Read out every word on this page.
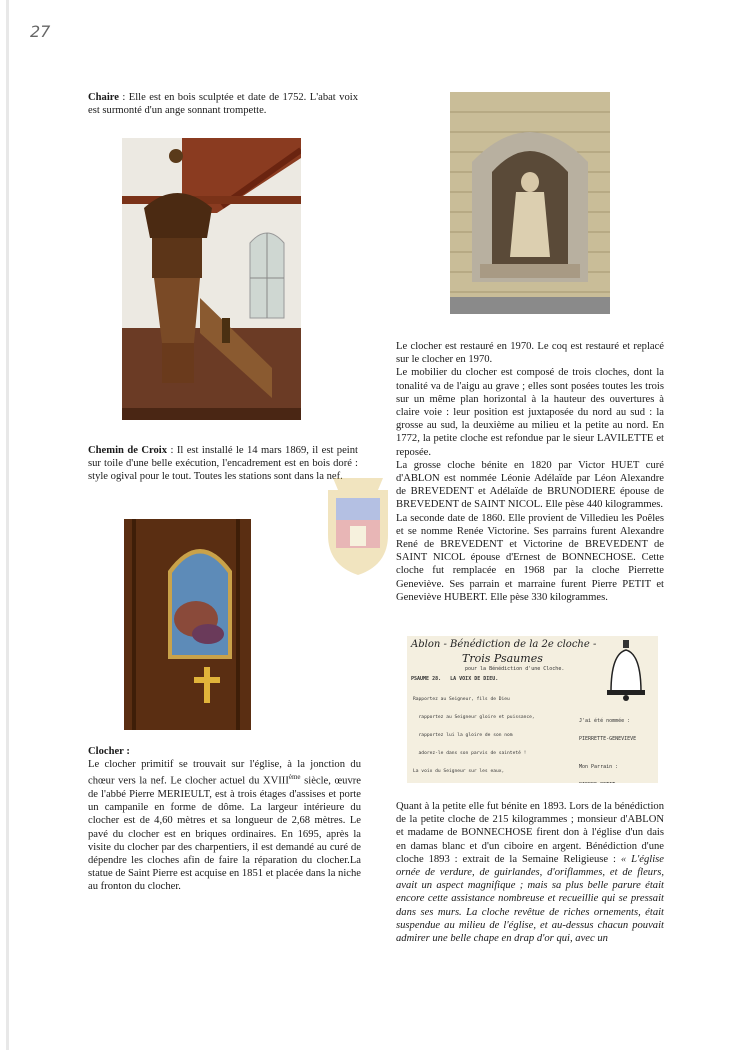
27
Chaire : Elle est en bois sculptée et date de 1752. L'abat voix est surmonté d'un ange sonnant trompette.
Chemin de Croix : Il est installé le 14 mars 1869, il est peint sur toile d'une belle exécution, l'encadrement est en bois doré : style ogival pour le tout. Toutes les stations sont dans la nef.
Clocher :
Le clocher primitif se trouvait sur l'église, à la jonction du chœur vers la nef. Le clocher actuel du XVIIIème siècle, œuvre de l'abbé Pierre MERIEULT, est à trois étages d'assises et porte un campanile en forme de dôme. La largeur intérieure du clocher est de 4,60 mètres et sa longueur de 2,68 mètres. Le pavé du clocher est en briques ordinaires. En 1695, après la visite du clocher par des charpentiers, il est demandé au curé de dépendre les cloches afin de faire la réparation du clocher.La statue de Saint Pierre est acquise en 1851 et placée dans la niche au fronton du clocher.
Le clocher est restauré en 1970. Le coq est restauré et replacé sur le clocher en 1970.
Le mobilier du clocher est composé de trois cloches, dont la tonalité va de l'aigu au grave ; elles sont posées toutes les trois sur un même plan horizontal à la hauteur des ouvertures à claire voie : leur position est juxtaposée du nord au sud : la grosse au sud, la deuxième au milieu et la petite au nord. En 1772, la petite cloche est refondue par le sieur LAVILETTE et reposée.
La grosse cloche bénite en 1820 par Victor HUET curé d'ABLON est nommée Léonie Adélaïde par Léon Alexandre de BREVEDENT et Adélaïde de BRUNODIERE épouse de BREVEDENT de SAINT NICOL. Elle pèse 440 kilogrammes.
La seconde date de 1860. Elle provient de Villedieu les Poêles et se nomme Renée Victorine. Ses parrains furent Alexandre René de BREVEDENT et Victorine de BREVEDENT de SAINT NICOL épouse d'Ernest de BONNECHOSE. Cette cloche fut remplacée en 1968 par la cloche Pierrette Geneviève. Ses parrain et marraine furent Pierre PETIT et Geneviève HUBERT. Elle pèse 330 kilogrammes.
Ablon - Bénédiction de la 2e cloche -
Trois Psaumes
pour la Bénédiction d'une Cloche.
PSAUME 28.   LA VOIX DE DIEU.

Rapportez au Seigneur, fils de Dieu

rapportez au Seigneur gloire et puissance,

rapportez lui la gloire de son nom

adorez-le dans son parvis de sainteté !

La voix du Seigneur sur les eaux,

J'ai été nommée :

PIERRETTE-GENEVIEVE

Mon Parrain :

Quant à la petite elle fut bénite en 1893. Lors de la bénédiction de la petite cloche de 215 kilogrammes ; monsieur d'ABLON et madame de BONNECHOSE firent don à l'église d'un dais en damas blanc et d'un ciboire en argent. Bénédiction d'une cloche 1893 : extrait de la Semaine Religieuse : « L'église ornée de verdure, de guirlandes, d'oriflammes, et de fleurs, avait un aspect magnifique ; mais sa plus belle parure était encore cette assistance nombreuse et recueillie qui se pressait dans ses murs. La cloche revêtue de riches ornements, était suspendue au milieu de l'église, et au-dessus chacun pouvait admirer une belle chape en drap d'or qui, avec un
